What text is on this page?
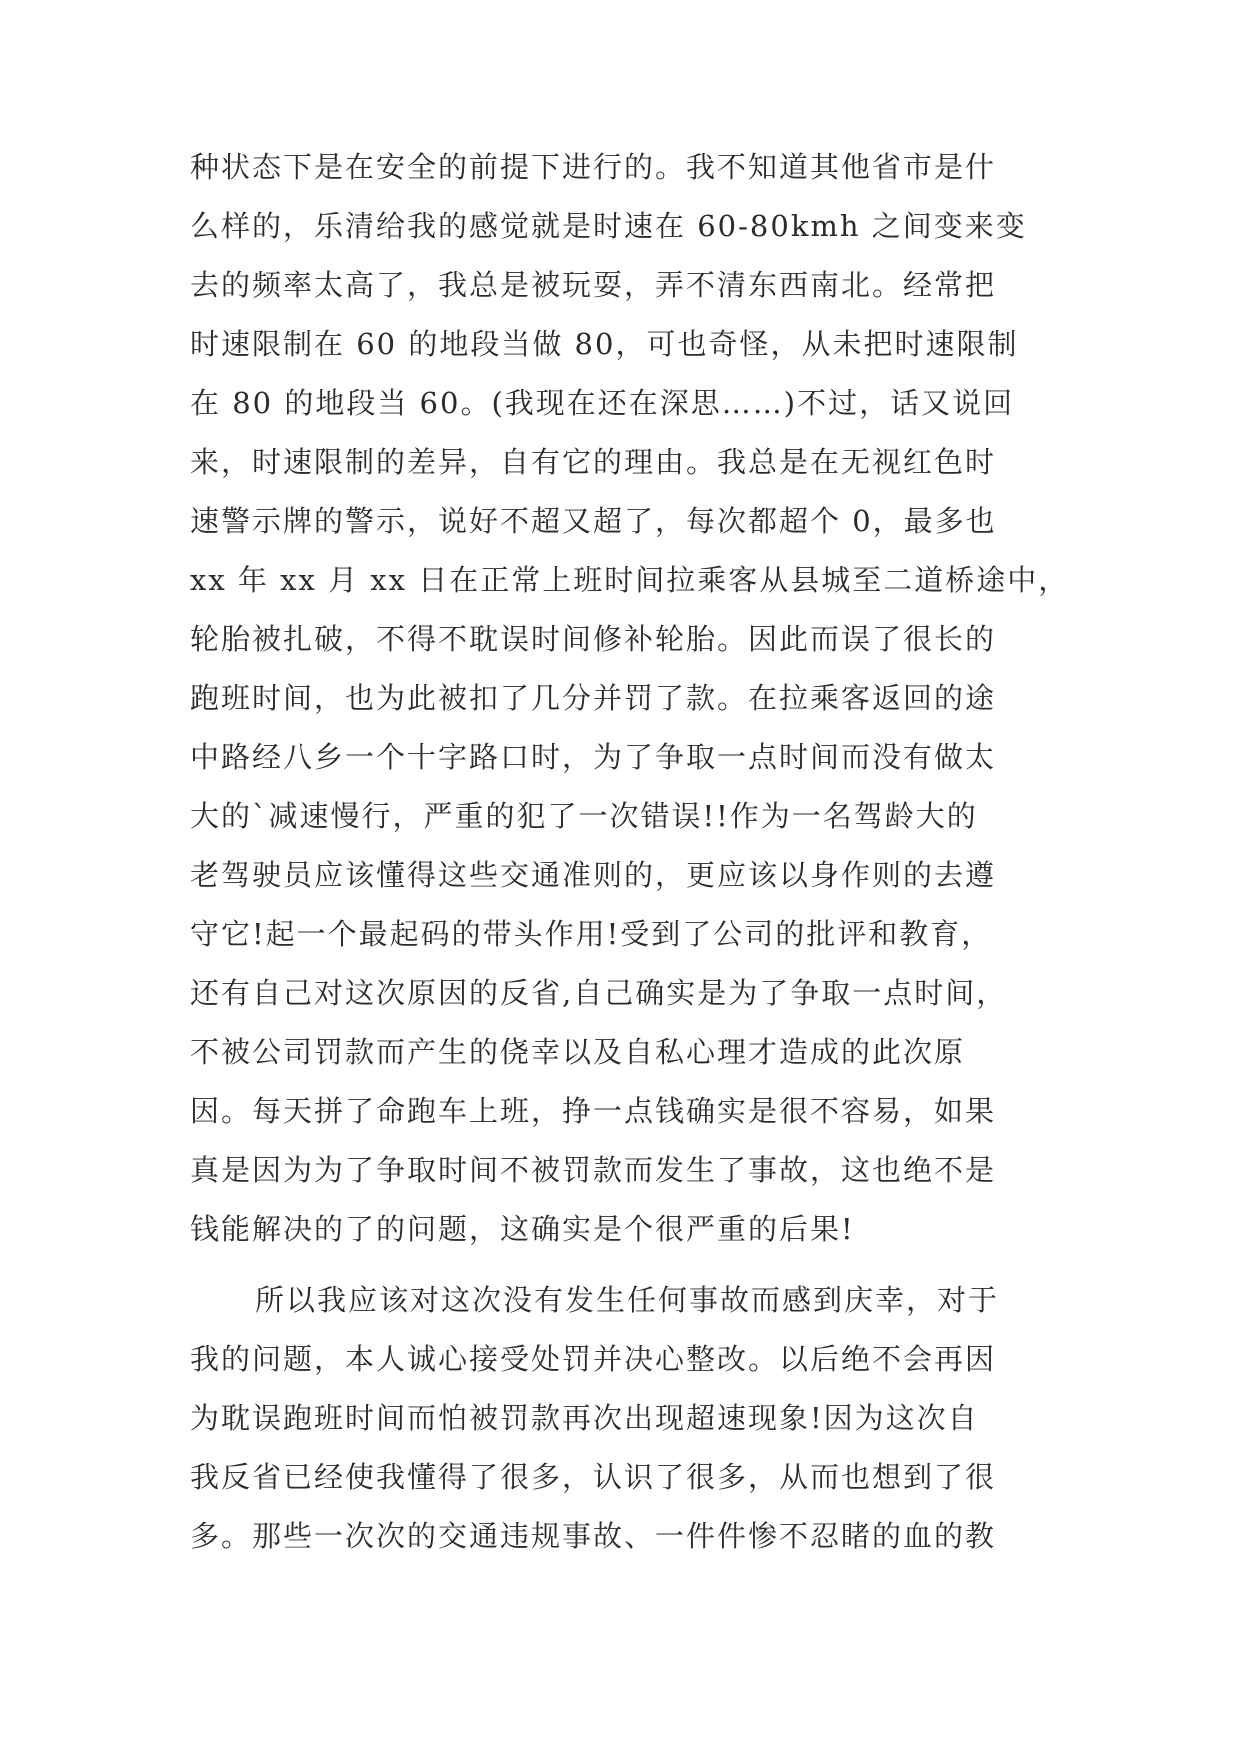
种状态下是在安全的前提下进行的。我不知道其他省市是什
么样的，乐清给我的感觉就是时速在 60-80kmh 之间变来变
去的频率太高了，我总是被玩耍，弄不清东西南北。经常把
时速限制在 60 的地段当做 80，可也奇怪，从未把时速限制
在 80 的地段当 60。(我现在还在深思……)不过，话又说回
来，时速限制的差异，自有它的理由。我总是在无视红色时
速警示牌的警示，说好不超又超了，每次都超个 0，最多也
xx 年 xx 月 xx 日在正常上班时间拉乘客从县城至二道桥途中，
轮胎被扎破，不得不耽误时间修补轮胎。因此而误了很长的
跑班时间，也为此被扣了几分并罚了款。在拉乘客返回的途
中路经八乡一个十字路口时，为了争取一点时间而没有做太
大的`减速慢行，严重的犯了一次错误!!作为一名驾龄大的
老驾驶员应该懂得这些交通准则的，更应该以身作则的去遵
守它!起一个最起码的带头作用!受到了公司的批评和教育，
还有自己对这次原因的反省,自己确实是为了争取一点时间，
不被公司罚款而产生的侥幸以及自私心理才造成的此次原
因。每天拼了命跑车上班，挣一点钱确实是很不容易，如果
真是因为为了争取时间不被罚款而发生了事故，这也绝不是
钱能解决的了的问题，这确实是个很严重的后果!
所以我应该对这次没有发生任何事故而感到庆幸，对于
我的问题，本人诚心接受处罚并决心整改。以后绝不会再因
为耽误跑班时间而怕被罚款再次出现超速现象!因为这次自
我反省已经使我懂得了很多，认识了很多，从而也想到了很
多。那些一次次的交通违规事故、一件件惨不忍睹的血的教
